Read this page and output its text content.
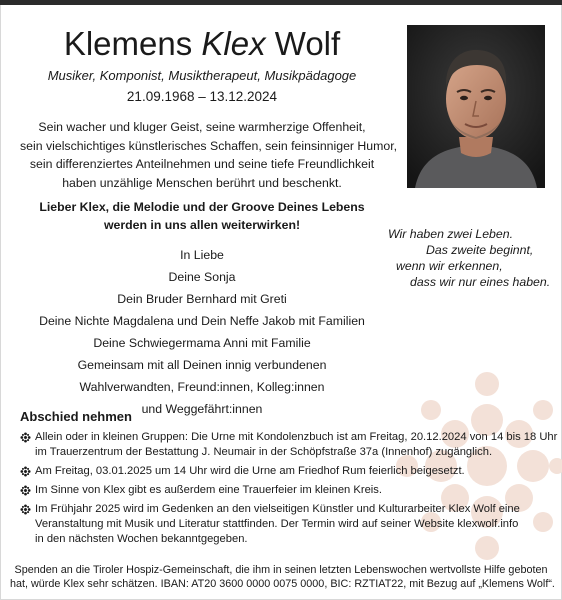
Klemens Klex Wolf
Musiker, Komponist, Musiktherapeut, Musikpädagoge
21.09.1968 – 13.12.2024
Sein wacher und kluger Geist, seine warmherzige Offenheit,
sein vielschichtiges künstlerisches Schaffen, sein feinsinniger Humor,
sein differenziertes Anteilnehmen und seine tiefe Freundlichkeit
haben unzählige Menschen berührt und beschenkt.
Lieber Klex, die Melodie und der Groove Deines Lebens
werden in uns allen weiterwirken!
Wir haben zwei Leben.
Das zweite beginnt,
wenn wir erkennen,
dass wir nur eines haben.
In Liebe
Deine Sonja
Dein Bruder Bernhard mit Greti
Deine Nichte Magdalena und Dein Neffe Jakob mit Familien
Deine Schwiegermama Anni mit Familie
Gemeinsam mit all Deinen innig verbundenen
Wahlverwandten, Freund:innen, Kolleg:innen
und Weggefährt:innen
Abschied nehmen
Allein oder in kleinen Gruppen: Die Urne mit Kondolenzbuch ist am Freitag, 20.12.2024 von 14 bis 18 Uhr
im Trauerzentrum der Bestattung J. Neumair in der Schöpfstraße 37a (Innenhof) zugänglich.
Am Freitag, 03.01.2025 um 14 Uhr wird die Urne am Friedhof Rum feierlich beigesetzt.
Im Sinne von Klex gibt es außerdem eine Trauerfeier im kleinen Kreis.
Im Frühjahr 2025 wird im Gedenken an den vielseitigen Künstler und Kulturarbeiter Klex Wolf eine
Veranstaltung mit Musik und Literatur stattfinden. Der Termin wird auf seiner Website klexwolf.info
in den nächsten Wochen bekanntgegeben.
Spenden an die Tiroler Hospiz-Gemeinschaft, die ihm in seinen letzten Lebenswochen wertvollste Hilfe geboten
hat, würde Klex sehr schätzen. IBAN: AT20 3600 0000 0075 0000, BIC: RZTIAT22, mit Bezug auf „Klemens Wolf“.
